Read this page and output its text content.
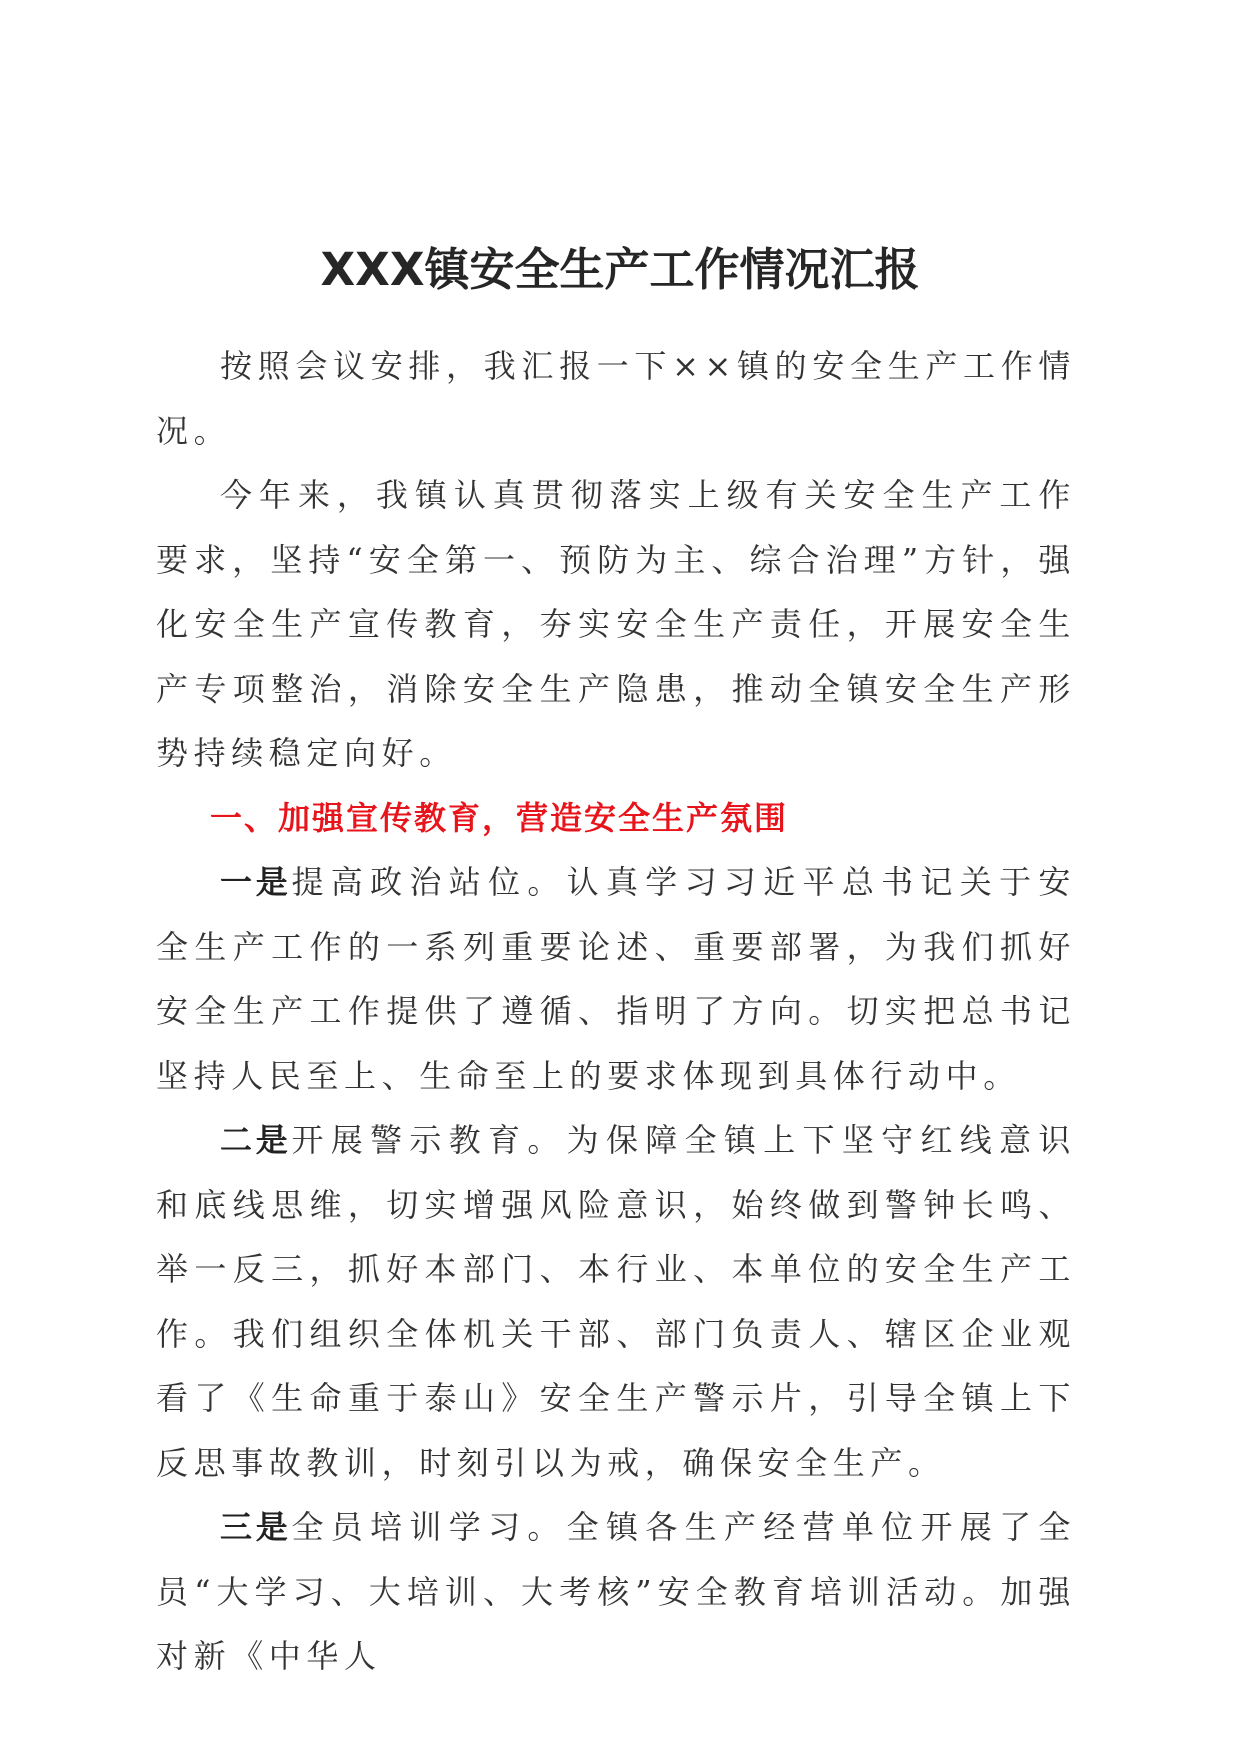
XXX镇安全生产工作情况汇报

按照会议安排，我汇报一下××镇的安全生产工作情况。

今年来，我镇认真贯彻落实上级有关安全生产工作要求，坚持“安全第一、预防为主、综合治理”方针，强化安全生产宣传教育，夯实安全生产责任，开展安全生产专项整治，消除安全生产隐患，推动全镇安全生产形势持续稳定向好。

一、加强宣传教育，营造安全生产氛围

一是提高政治站位。认真学习习近平总书记关于安全生产工作的一系列重要论述、重要部署，为我们抓好安全生产工作提供了遵循、指明了方向。切实把总书记坚持人民至上、生命至上的要求体现到具体行动中。

二是开展警示教育。为保障全镇上下坚守红线意识和底线思维，切实增强风险意识，始终做到警钟长鸣、举一反三，抓好本部门、本行业、本单位的安全生产工作。我们组织全体机关干部、部门负责人、辖区企业观看了《生命重于泰山》安全生产警示片，引导全镇上下反思事故教训，时刻引以为戒，确保安全生产。

三是全员培训学习。全镇各生产经营单位开展了全员“大学习、大培训、大考核”安全教育培训活动。加强对新《中华人
